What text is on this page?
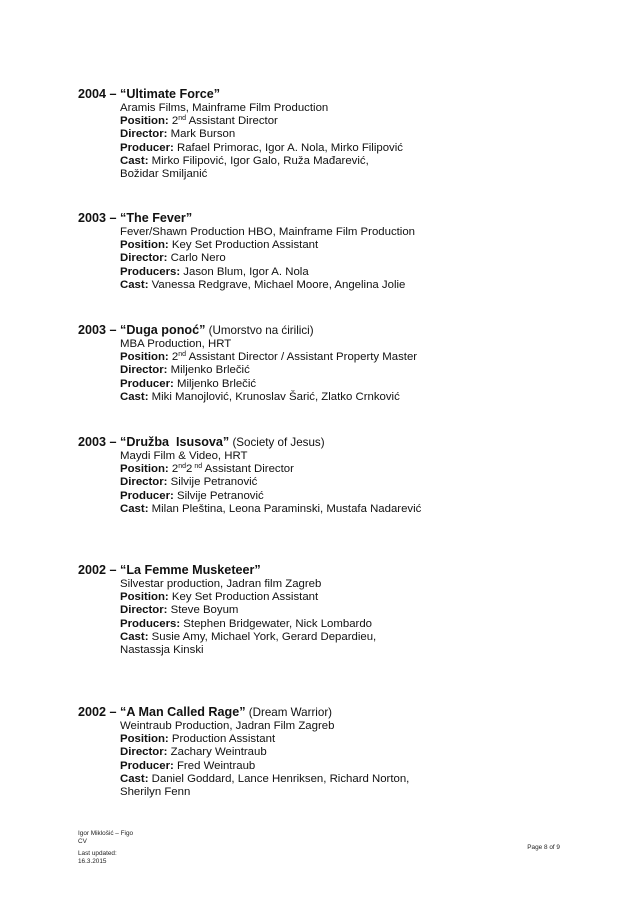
2004 – “Ultimate Force”
Aramis Films, Mainframe Film Production
Position: 2nd Assistant Director
Director: Mark Burson
Producer: Rafael Primorac, Igor A. Nola, Mirko Filipović
Cast: Mirko Filipović, Igor Galo, Ruža Mađarević,
Božidar Smiljanić
2003 – “The Fever”
Fever/Shawn Production HBO, Mainframe Film Production
Position: Key Set Production Assistant
Director: Carlo Nero
Producers: Jason Blum, Igor A. Nola
Cast: Vanessa Redgrave, Michael Moore, Angelina Jolie
2003 – “Duga ponoć” (Umorstvo na ćirilici)
MBA Production, HRT
Position: 2nd Assistant Director / Assistant Property Master
Director: Miljenko Brlečić
Producer: Miljenko Brlečić
Cast: Miki Manojlović, Krunoslav Šarić, Zlatko Crnković
2003 – “Družba  Isusova” (Society of Jesus)
Maydi Film & Video, HRT
Position: 2nd2 $^{nd}$ Assistant Director
Director: Silvije Petranović
Producer: Silvije Petranović
Cast: Milan Pleština, Leona Paraminski, Mustafa Nadarević
2002 – “La Femme Musketeer”
Silvestar production, Jadran film Zagreb
Position: Key Set Production Assistant
Director: Steve Boyum
Producers: Stephen Bridgewater, Nick Lombardo
Cast: Susie Amy, Michael York, Gerard Depardieu,
Nastassja Kinski
2002 – “A Man Called Rage” (Dream Warrior)
Weintraub Production, Jadran Film Zagreb
Position: Production Assistant
Director: Zachary Weintraub
Producer: Fred Weintraub
Cast: Daniel Goddard, Lance Henriksen, Richard Norton,
Sherilyn Fenn
Igor Miklošić – Figo
CV
Last updated:
16.3.2015
Page 8 of 9
